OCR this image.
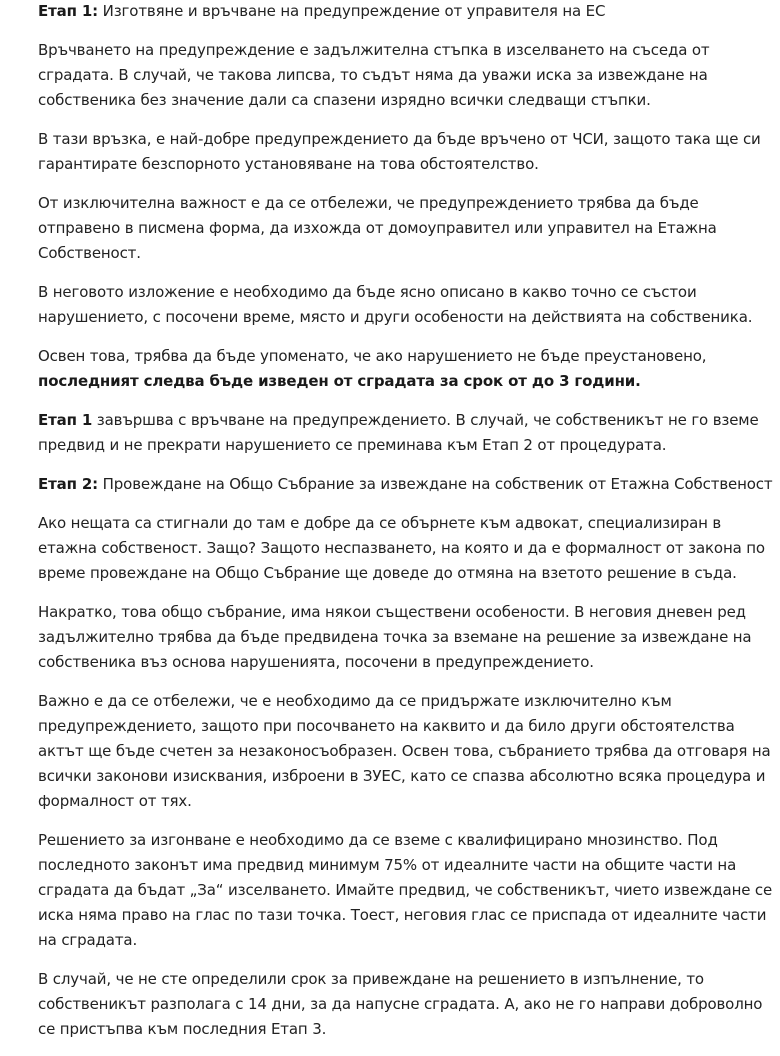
Етап 1: Изготвяне и връчване на предупреждение от управителя на ЕС

Връчването на предупреждение е задължителна стъпка в изселването на съседа от сградата. В случай, че такова липсва, то съдът няма да уважи иска за извеждане на собственика без значение дали са спазени изрядно всички следващи стъпки.

В тази връзка, е най-добре предупреждението да бъде връчено от ЧСИ, защото така ще си гарантирате безспорното установяване на това обстоятелство.

От изключителна важност е да се отбележи, че предупреждението трябва да бъде отправено в писмена форма, да изхожда от домоуправител или управител на Етажна Собственост.

В неговото изложение е необходимо да бъде ясно описано в какво точно се състои нарушението, с посочени време, място и други особености на действията на собственика.

Освен това, трябва да бъде упоменато, че ако нарушението не бъде преустановено,
последният следва бъде изведен от сградата за срок от до 3 години.

Етап 1 завършва с връчване на предупреждението. В случай, че собственикът не го вземе предвид и не прекрати нарушението се преминава към Етап 2 от процедурата.

Етап 2: Провеждане на Общо Събрание за извеждане на собственик от Етажна Собственост

Ако нещата са стигнали до там е добре да се обърнете към адвокат, специализиран в етажна собственост. Защо? Защото неспазването, на която и да е формалност от закона по време провеждане на Общо Събрание ще доведе до отмяна на взетото решение в съда.

Накратко, това общо събрание, има някои съществени особености. В неговия дневен ред задължително трябва да бъде предвидена точка за вземане на решение за извеждане на собственика въз основа нарушенията, посочени в предупреждението.

Важно е да се отбележи, че е необходимо да се придържате изключително към предупреждението, защото при посочването на каквито и да било други обстоятелства актът ще бъде счетен за незаконосъобразен. Освен това, събранието трябва да отговаря на всички законови изисквания, изброени в ЗУЕС, като се спазва абсолютно всяка процедура и формалност от тях.

Решението за изгонване е необходимо да се вземе с квалифицирано мнозинство. Под последното законът има предвид минимум 75% от идеалните части на общите части на сградата да бъдат „За“ изселването. Имайте предвид, че собственикът, чието извеждане се иска няма право на глас по тази точка. Тоест, неговия глас се приспада от идеалните части на сградата.

В случай, че не сте определили срок за привеждане на решението в изпълнение, то собственикът разполага с 14 дни, за да напусне сградата. А, ако не го направи доброволно се пристъпва към последния Етап 3.
